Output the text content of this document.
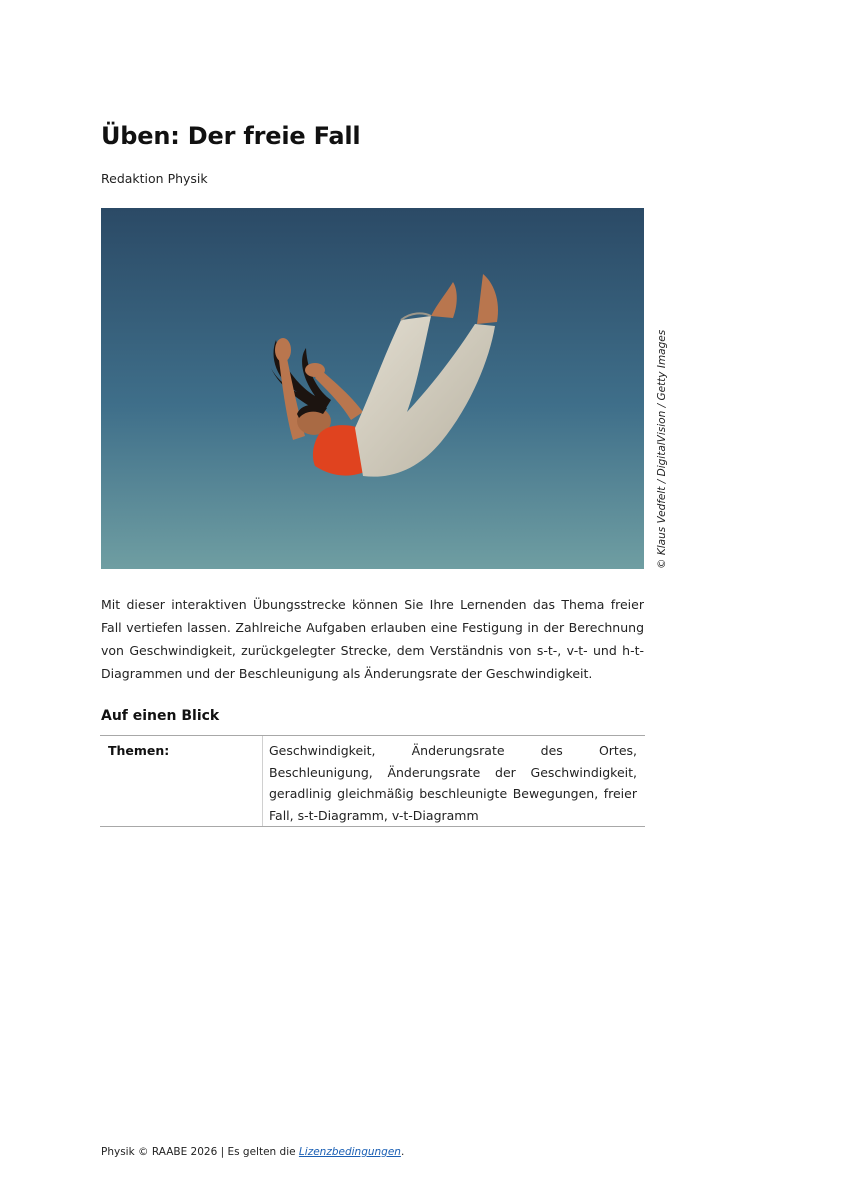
Üben: Der freie Fall
Redaktion Physik
© Klaus Vedfelt / DigitalVision / Getty Images

Mit dieser interaktiven Übungsstrecke können Sie Ihre Lernenden das Thema freier Fall vertiefen lassen. Zahlreiche Aufgaben erlauben eine Festigung in der Berechnung von Geschwindigkeit, zurückgelegter Strecke, dem Verständnis von s-t-, v-t- und h-t-Diagrammen und der Beschleunigung als Änderungsrate der Geschwindigkeit.

Auf einen Blick
Themen:	Geschwindigkeit, Änderungsrate des Ortes, Beschleunigung, Änderungsrate der Geschwindigkeit, geradlinig gleichmäßig beschleunigte Bewegungen, freier Fall, s-t-Diagramm, v-t-Diagramm
Physik © RAABE 2026 | Es gelten die Lizenzbedingungen.
